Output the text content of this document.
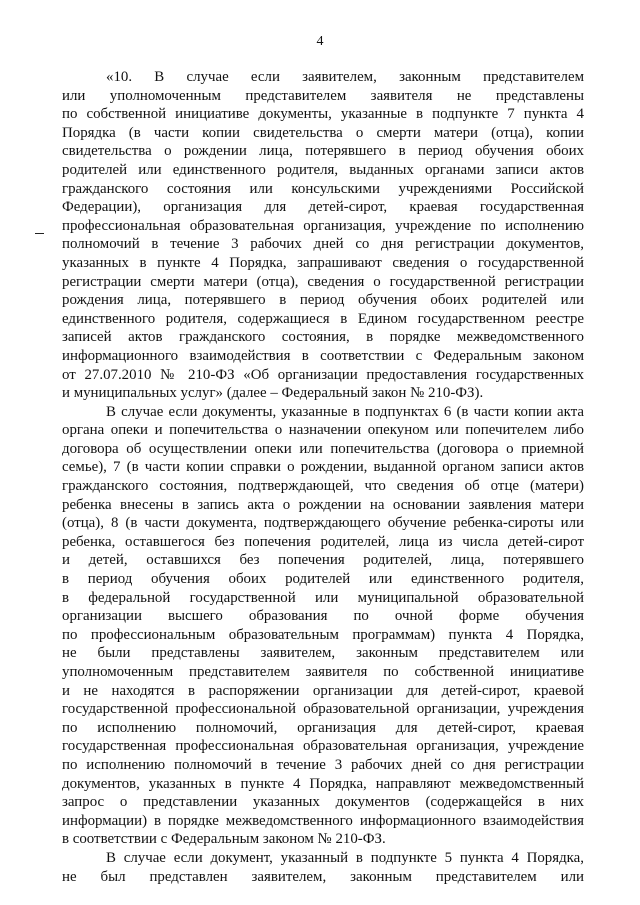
4
«10. В случае если заявителем, законным представителем
или уполномоченным представителем заявителя не представлены
по собственной инициативе документы, указанные в подпункте 7 пункта 4
Порядка (в части копии свидетельства о смерти матери (отца), копии
свидетельства о рождении лица, потерявшего в период обучения обоих
родителей или единственного родителя, выданных органами записи актов
гражданского состояния или консульскими учреждениями Российской
Федерации), организация для детей-сирот, краевая государственная
профессиональная образовательная организация, учреждение по исполнению
полномочий в течение 3 рабочих дней со дня регистрации документов,
указанных в пункте 4 Порядка, запрашивают сведения о государственной
регистрации смерти матери (отца), сведения о государственной регистрации
рождения лица, потерявшего в период обучения обоих родителей или
единственного родителя, содержащиеся в Едином государственном реестре
записей актов гражданского состояния, в порядке межведомственного
информационного взаимодействия в соответствии с Федеральным законом
от 27.07.2010 № 210-ФЗ «Об организации предоставления государственных
и муниципальных услуг» (далее – Федеральный закон № 210-ФЗ).
В случае если документы, указанные в подпунктах 6 (в части копии акта
органа опеки и попечительства о назначении опекуном или попечителем либо
договора об осуществлении опеки или попечительства (договора о приемной
семье), 7 (в части копии справки о рождении, выданной органом записи актов
гражданского состояния, подтверждающей, что сведения об отце (матери)
ребенка внесены в запись акта о рождении на основании заявления матери
(отца), 8 (в части документа, подтверждающего обучение ребенка-сироты или
ребенка, оставшегося без попечения родителей, лица из числа детей-сирот
и детей, оставшихся без попечения родителей, лица, потерявшего
в период обучения обоих родителей или единственного родителя,
в федеральной государственной или муниципальной образовательной
организации высшего образования по очной форме обучения
по профессиональным образовательным программам) пункта 4 Порядка,
не были представлены заявителем, законным представителем или
уполномоченным представителем заявителя по собственной инициативе
и не находятся в распоряжении организации для детей-сирот, краевой
государственной профессиональной образовательной организации, учреждения
по исполнению полномочий, организация для детей-сирот, краевая
государственная профессиональная образовательная организация, учреждение
по исполнению полномочий в течение 3 рабочих дней со дня регистрации
документов, указанных в пункте 4 Порядка, направляют межведомственный
запрос о представлении указанных документов (содержащейся в них
информации) в порядке межведомственного информационного взаимодействия
в соответствии с Федеральным законом № 210-ФЗ.
В случае если документ, указанный в подпункте 5 пункта 4 Порядка,
не был представлен заявителем, законным представителем или
